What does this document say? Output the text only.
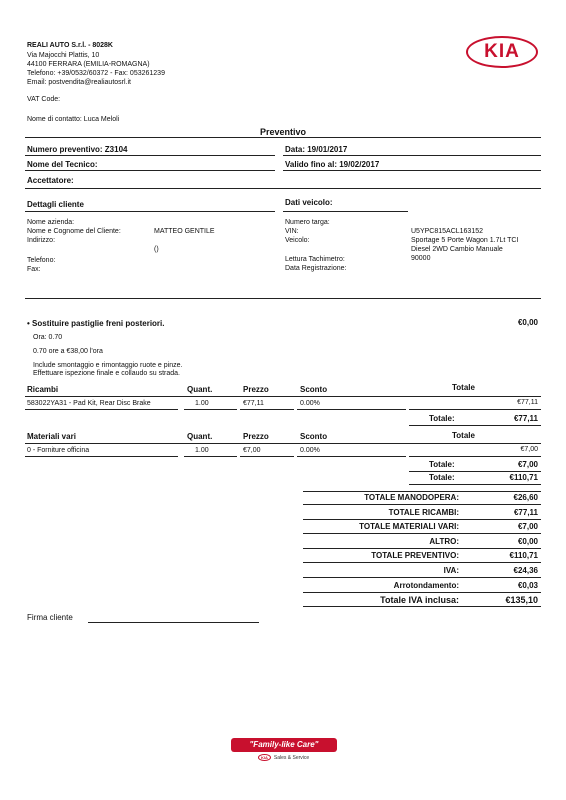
REALI AUTO S.r.l. - 8028K
Via Majocchi Plattis, 10
44100 FERRARA (EMILIA-ROMAGNA)
Telefono: +39/0532/60372 - Fax: 053261239
Email: postvendita@realiautosrl.it
VAT Code:
Nome di contatto: Luca Meloli
KIA
Preventivo
Numero preventivo: Z3104	Data: 19/01/2017
Nome del Tecnico:	Valido fino al: 19/02/2017
Accettatore:
Dettagli cliente
Nome azienda:
Nome e Cognome del Cliente:	MATTEO GENTILE
Indirizzo:
()
Telefono:
Fax:
Dati veicolo:
Numero targa:
VIN:	U5YPC815ACL163152
Veicolo:	Sportage 5 Porte Wagon 1.7Lt TCI
Diesel 2WD Cambio Manuale
Lettura Tachimetro:	90000
Data Registrazione:
• Sostituire pastiglie freni posteriori.	€0,00
Ora: 0.70
0.70 ore a €38,00 l'ora
Include smontaggio e rimontaggio ruote e pinze.
Effettuare ispezione finale e collaudo su strada.
Ricambi	Quant.	Prezzo	Sconto	Totale
583022YA31 - Pad Kit, Rear Disc Brake	1.00	€77,11	0.00%	€77,11
Totale:	€77,11
Materiali vari	Quant.	Prezzo	Sconto	Totale
0 - Forniture officina	1.00	€7,00	0.00%	€7,00
Totale:	€7,00
Totale:	€110,71
TOTALE MANODOPERA:	€26,60
TOTALE RICAMBI:	€77,11
TOTALE MATERIALI VARI:	€7,00
ALTRO:	€0,00
TOTALE PREVENTIVO:	€110,71
IVA:	€24,36
Arrotondamento:	€0,03
Totale IVA inclusa:	€135,10
Firma cliente
"Family-like Care"
KIA Sales & Service
